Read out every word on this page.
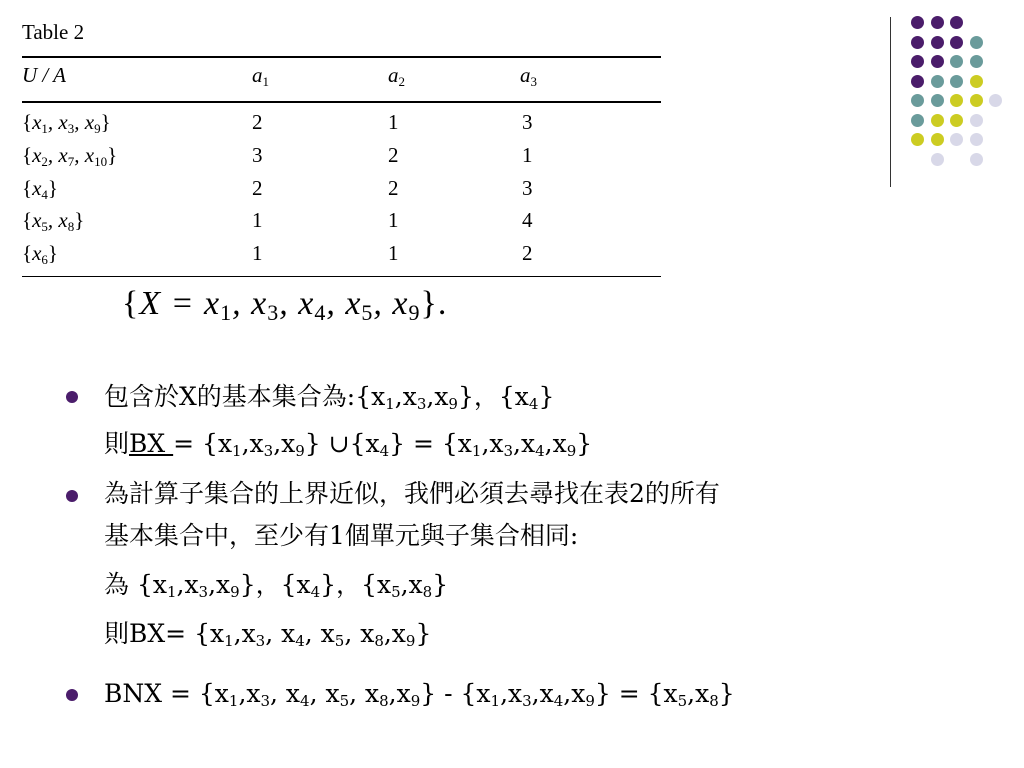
Table 2
U / A	$a_1$	$a_2$	$a_3$
{$x_1$, $x_3$, $x_9$}	2	1	3
{$x_2$, $x_7$, $x_{10}$}	3	2	1
$\{x_4\}$	2	2	3
{$x_5$, $x_8$}	1	1	4
$\{x_6\}$	1	1	2
{$X = x_1$, $x_3$, $x_4$, $x_5$, $x_9$}.
包含於X的基本集合為$:\{x_1,x_3,x_9\}$，$\{x_4\}$
則BX = $\{x_1,x_3,x_9\}$ $\cup\{x_4\} = \{x_1,x_3,x_4,x_9\}$
為計算子集合的上界近似，我們必須去尋找在表2的所有
基本集合中，至少有1個單元與子集合相同:
為 $\{x_1,x_3,x_9\}$，$\{x_4\}$，$\{x_5,x_8\}$
則$BX= \{x_1,x_3$, $x_4$, $x_5$, $x_8,x_9$}
BNX = {$x_1,x_3$, $x_4$, $x_5$, $x_8,x_9\} - \{x_1,x_3,x_4,x_9\} = \{x_5,x_8\}$
